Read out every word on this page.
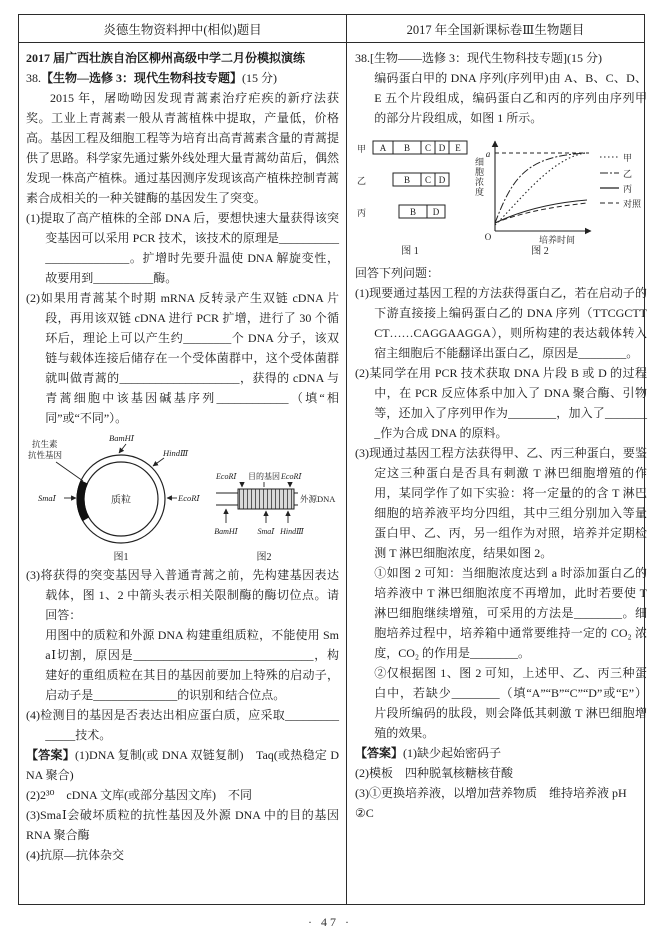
炎德生物资料押中(相似)题目	2017 年全国新课标卷Ⅲ生物题目

2017 届广西壮族自治区柳州高级中学二月份模拟演练

38.【生物—选修 3：现代生物科技专题】(15 分)

2015 年，屠呦呦因发现青蒿素治疗疟疾的新疗法获奖。工业上青蒿素一般从青蒿植株中提取，产量低，价格高。基因工程及细胞工程等为培育出高青蒿素含量的青蒿提供了思路。科学家先通过紫外线处理大量青蒿幼苗后，偶然发现一株高产植株。通过基因测序发现该高产植株控制青蒿素合成相关的一种关键酶的基因发生了突变。

(1)提取了高产植株的全部 DNA 后，要想快速大量获得该突变基因可以采用 PCR 技术，该技术的原理是________________________。扩增时先要升温使 DNA 解旋变性，故要用到__________酶。

(2)如果用青蒿某个时期 mRNA 反转录产生双链 cDNA 片段，再用该双链 cDNA 进行 PCR 扩增，进行了 30 个循环后，理论上可以产生约________个 DNA 分子，该双链与载体连接后储存在一个受体菌群中，这个受体菌群就叫做青蒿的____________________，获得的 cDNA 与青蒿细胞中该基因碱基序列____________（填“相同”或“不同”）。

抗生素
抗性基因
BamHⅠ
HindⅢ
SmaⅠ	EcoRⅠ
质粒
图1
EcoRⅠ 目的基因 EcoRⅠ
外源DNA
BamHⅠ SmaⅠ HindⅢ
图2

(3)将获得的突变基因导入普通青蒿之前，先构建基因表达载体，图 1、2 中箭头表示相关限制酶的酶切位点。请回答：

用图中的质粒和外源 DNA 构建重组质粒，不能使用 SmaⅠ切割，原因是______________________________，构建好的重组质粒在其目的基因前要加上特殊的启动子，启动子是______________的识别和结合位点。

(4)检测目的基因是否表达出相应蛋白质，应采取______________技术。

【答案】(1)DNA 复制(或 DNA 双链复制)　Taq(或热稳定 DNA 聚合)

(2)2³⁰　cDNA 文库(或部分基因文库)　不同

(3)SmaⅠ会破坏质粒的抗性基因及外源 DNA 中的目的基因　RNA 聚合酶

(4)抗原—抗体杂交

38.[生物——选修 3：现代生物科技专题](15 分)

编码蛋白甲的 DNA 序列(序列甲)由 A、B、C、D、E 五个片段组成，编码蛋白乙和丙的序列由序列甲的部分片段组成，如图 1 所示。

甲 A B C D E
乙	B C D
丙	B D
图 1
O
a
培养时间
甲
乙
丙
对照
图 2
细胞浓度

回答下列问题：

(1)现要通过基因工程的方法获得蛋白乙，若在启动子的下游直接接上编码蛋白乙的 DNA 序列（TTCGCTTCT……CAGGAAGGA），则所构建的表达载体转入宿主细胞后不能翻译出蛋白乙，原因是________。

(2)某同学在用 PCR 技术获取 DNA 片段 B 或 D 的过程中，在 PCR 反应体系中加入了 DNA 聚合酶、引物等，还加入了序列甲作为________，加入了________作为合成 DNA 的原料。

(3)现通过基因工程方法获得甲、乙、丙三种蛋白，要鉴定这三种蛋白是否具有刺激 T 淋巴细胞增殖的作用，某同学作了如下实验：将一定量的的含 T 淋巴细胞的培养液平均分四组，其中三组分别加入等量蛋白甲、乙、丙，另一组作为对照，培养并定期检测 T 淋巴细胞浓度，结果如图 2。

①如图 2 可知：当细胞浓度达到 a 时添加蛋白乙的培养液中 T 淋巴细胞浓度不再增加，此时若要使 T 淋巴细胞继续增殖，可采用的方法是________。细胞培养过程中，培养箱中通常要维持一定的 CO₂ 浓度，CO₂ 的作用是________。

②仅根据图 1、图 2 可知，上述甲、乙、丙三种蛋白中，若缺少________（填“A”“B”“C”“D”或“E”）片段所编码的肽段，则会降低其刺激 T 淋巴细胞增殖的效果。

【答案】(1)缺少起始密码子

(2)模板　四种脱氧核糖核苷酸

(3)①更换培养液，以增加营养物质　维持培养液 pH

②C

· 47 ·
